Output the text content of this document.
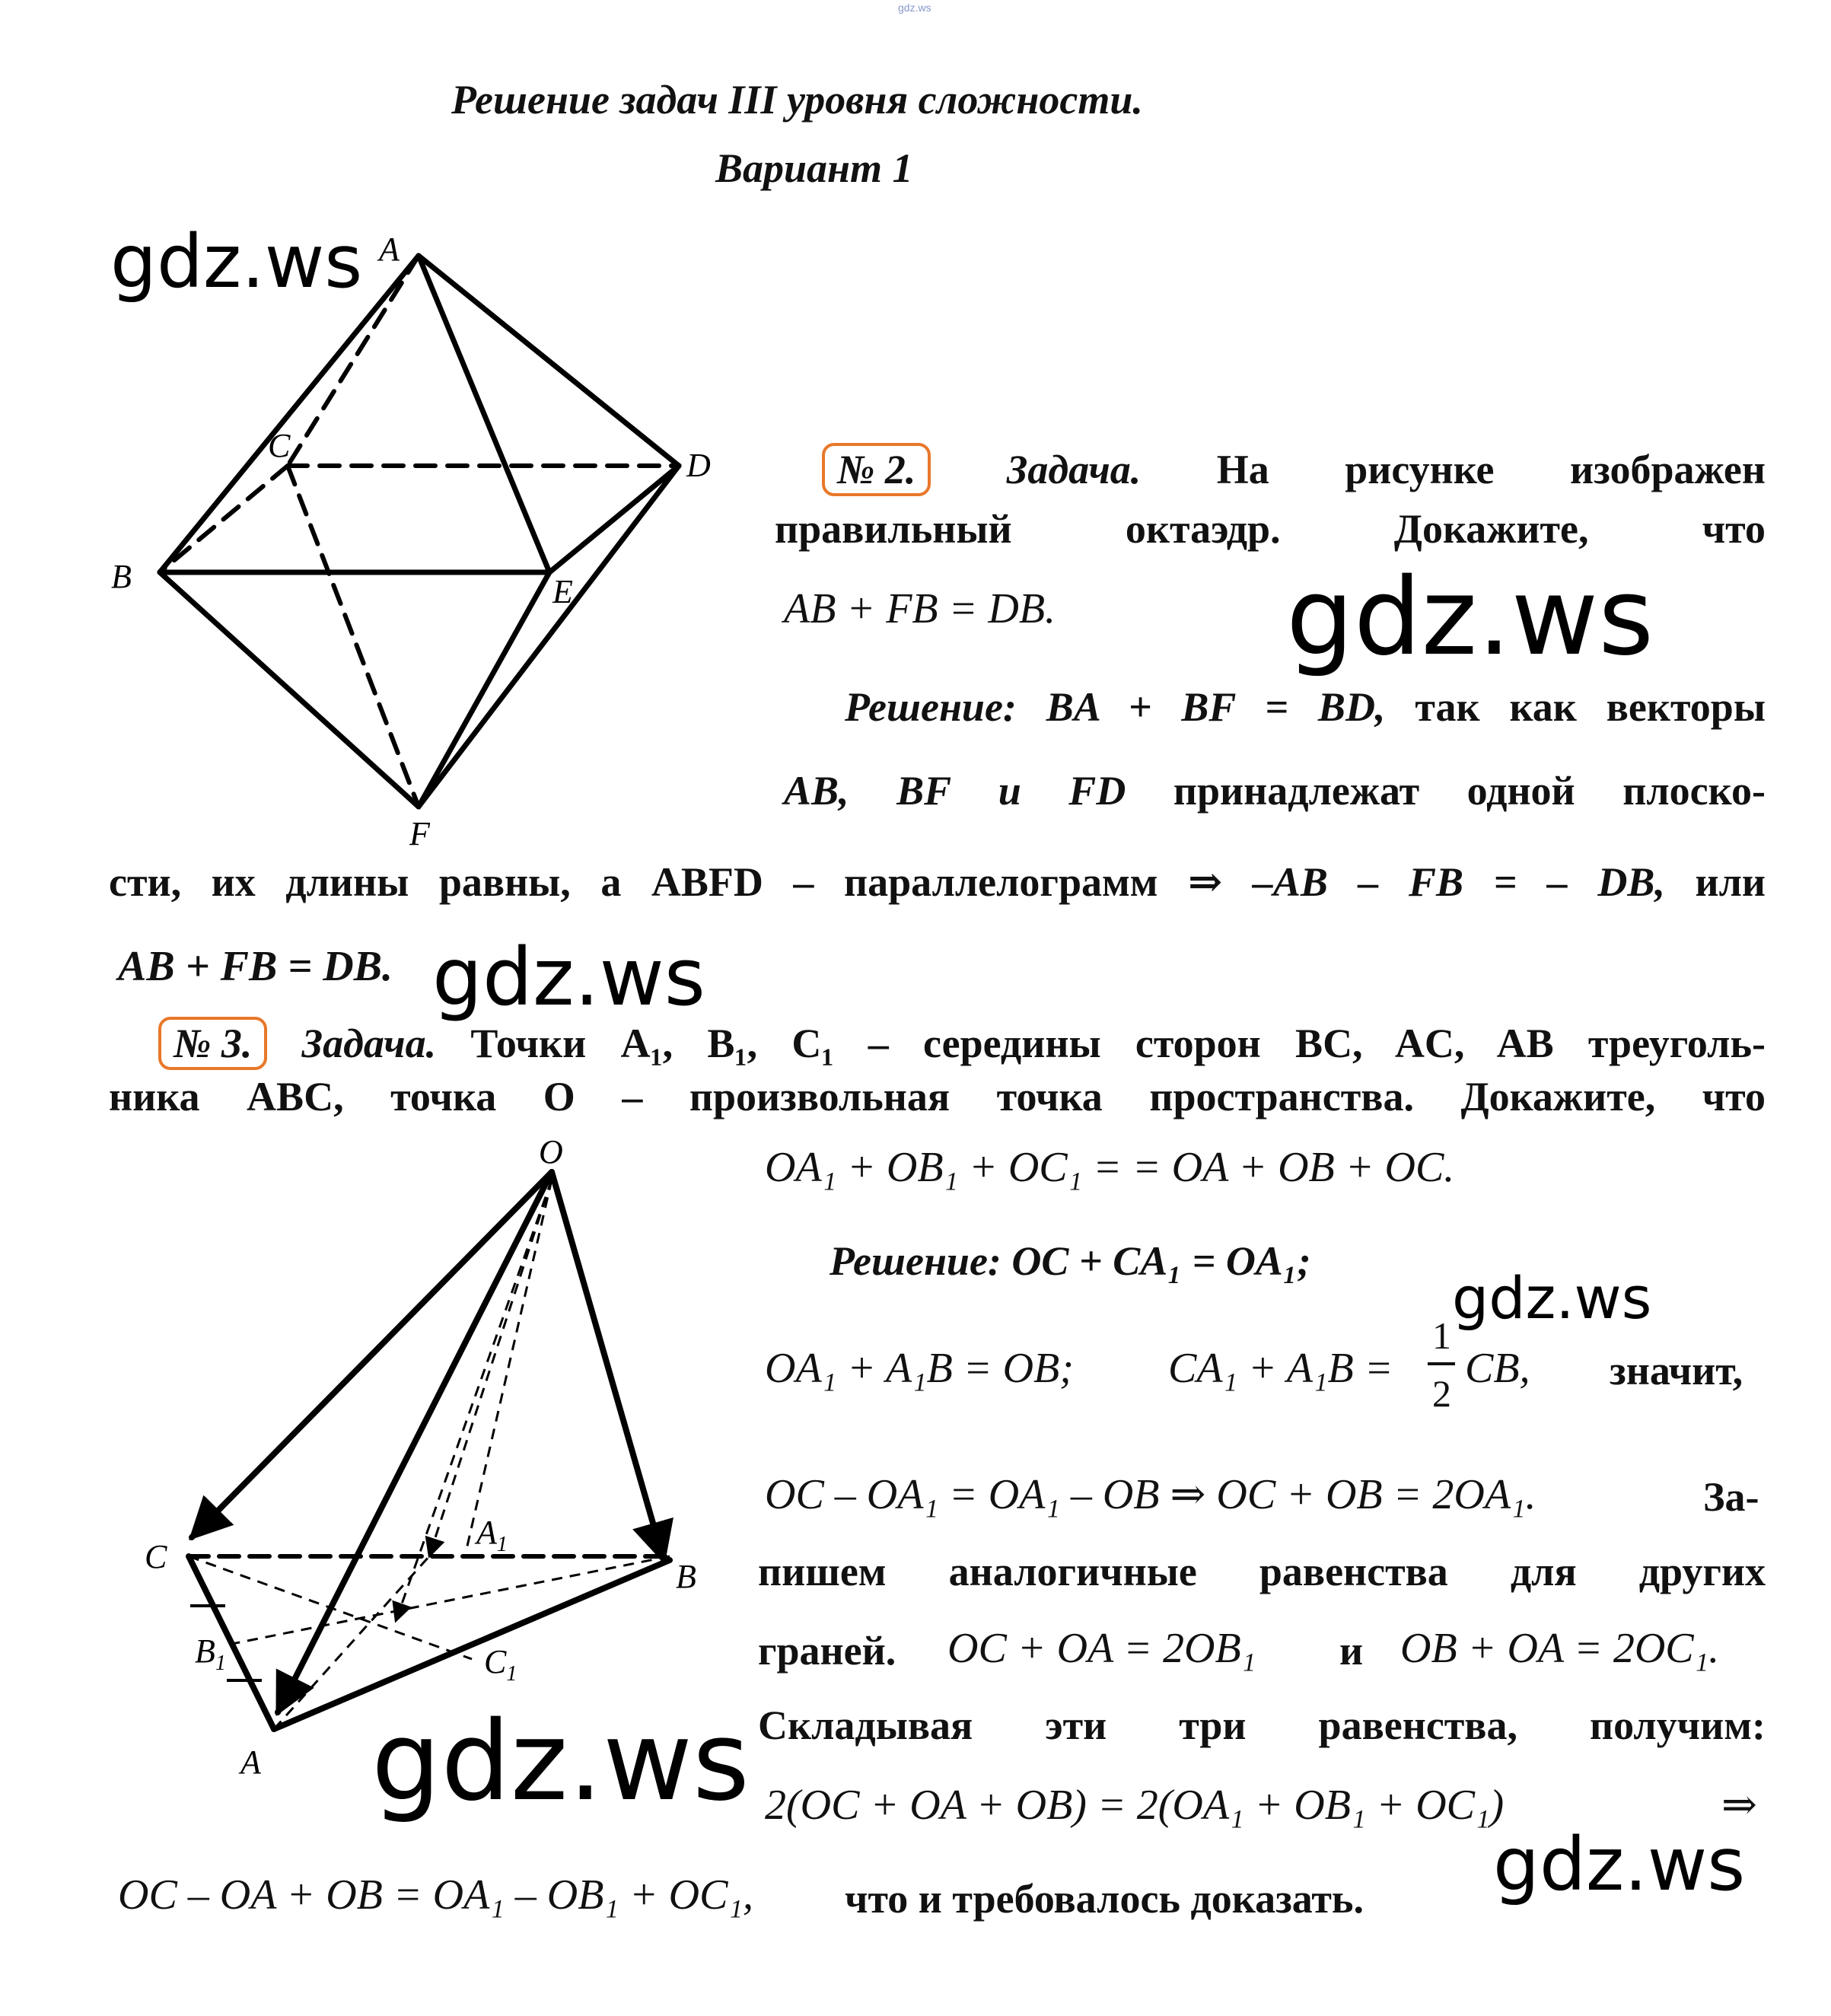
gdz.ws
Решение задач III уровня сложности.
Вариант 1
A
B
C
D
E
F
gdz.ws
gdz.ws
gdz.ws
gdz.ws
gdz.ws
gdz.ws
№ 2. Задача. На рисунке изображен
правильный октаэдр. Докажите, что
AB + FB = DB.
Решение: BA + BF = BD, так как векторы
AB, BF и FD принадлежат одной плоско-
сти, их длины равны, а ABFD – параллелограмм ⇒ –AB – FB = – DB, или
AB + FB = DB.
№ 3. Задача. Точки A₁, B₁, C₁ – середины сторон BC, AC, AB треуголь-
ника ABC, точка O – произвольная точка пространства. Докажите, что
OA₁ + OB₁ + OC₁ = = OA + OB + OC.
Решение: OC + CA₁ = OA₁;
OA₁ + A₁B = OB; CA₁ + A₁B =
1
2
CB, значит,
OC – OA₁ = OA₁ – OB ⇒ OC + OB = 2OA₁.	За-
пишем аналогичные равенства для других
граней. OC + OA = 2OB₁ и OB + OA = 2OC₁.
Складывая эти три равенства, получим:
2(OC + OA + OB) = 2(OA₁ + OB₁ + OC₁)	⇒
OC – OA + OB = OA₁ – OB₁ + OC₁, что и требовалось доказать.
O
C
B
A
$A_1$
$B_1$	$C_1$
